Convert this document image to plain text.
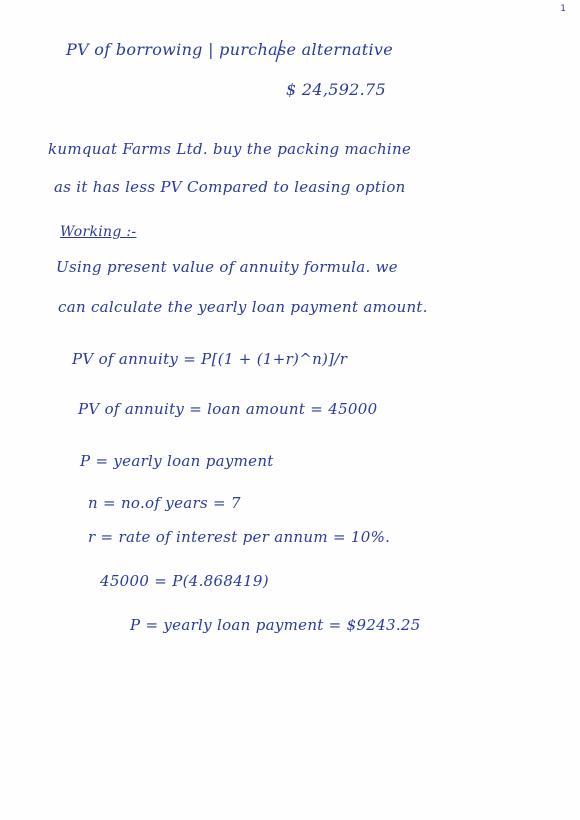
1
PV of borrowing | purchase alternative
$ 24,592.75
kumquat Farms Ltd. buy the packing machine
as it has less PV Compared to leasing option
Working :-
Using present value of annuity formula. we
can calculate the yearly loan payment amount.
PV of annuity = P[(1 + (1+r)^n)]/r
PV of annuity = loan amount = 45000
P = yearly loan payment
n = no.of years = 7
r = rate of interest per annum = 10%.
45000 = P(4.868419)
P = yearly loan payment = $9243.25
